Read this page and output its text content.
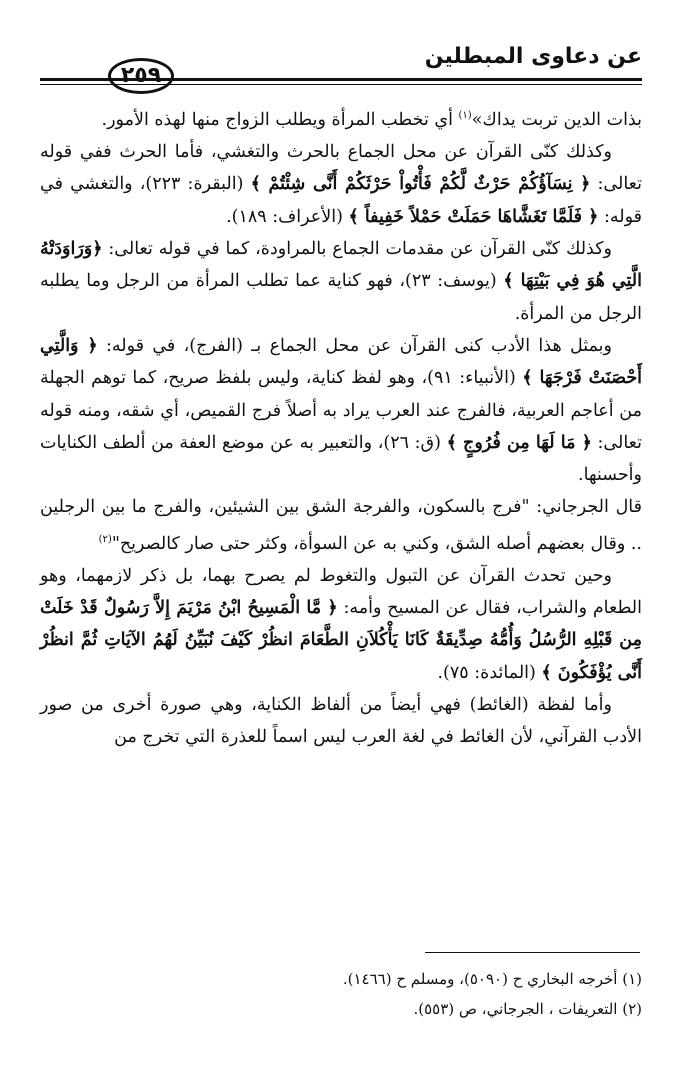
عن دعاوى المبطلين
٢٥٩

بذات الدين تربت يداك»$^{(١)}$ أي تخطب المرأة ويطلب الزواج منها لهذه الأمور.

وكذلك كنّى القرآن عن محل الجماع بالحرث والتغشي، فأما الحرث ففي قوله تعالى: ﴿ نِسَآؤُكُمْ حَرْثٌ لَّكُمْ فَأْتُواْ حَرْثَكُمْ أَنَّى شِئْتُمْ ﴾ (البقرة: ٢٢٣)، والتغشي في قوله: ﴿ فَلَمَّا تَغَشَّاهَا حَمَلَتْ حَمْلاً خَفِيفاً ﴾ (الأعراف: ١٨٩).

وكذلك كنّى القرآن عن مقدمات الجماع بالمراودة، كما في قوله تعالى: ﴿وَرَاوَدَتْهُ الَّتِي هُوَ فِي بَيْتِهَا ﴾ (يوسف: ٢٣)، فهو كناية عما تطلب المرأة من الرجل وما يطلبه الرجل من المرأة.

وبمثل هذا الأدب كنى القرآن عن محل الجماع بـ (الفرج)، في قوله: ﴿ وَالَّتِي أَحْصَنَتْ فَرْجَهَا ﴾ (الأنبياء: ٩١)، وهو لفظ كناية، وليس بلفظ صريح، كما توهم الجهلة من أعاجم العربية، فالفرج عند العرب يراد به أصلاً فرج القميص، أي شقه، ومنه قوله تعالى: ﴿ مَا لَهَا مِن فُرُوجٍ ﴾ (ق: ٢٦)، والتعبير به عن موضع العفة من ألطف الكنايات وأحسنها.

قال الجرجاني: "فرج بالسكون، والفرجة الشق بين الشيئين، والفرج ما بين الرجلين .. وقال بعضهم أصله الشق، وكني به عن السوأة، وكثر حتى صار كالصريح"$^{(٢)}$

وحين تحدث القرآن عن التبول والتغوط لم يصرح بهما، بل ذكر لازمهما، وهو الطعام والشراب، فقال عن المسيح وأمه: ﴿ مَّا الْمَسِيحُ ابْنُ مَرْيَمَ إِلاَّ رَسُولٌ قَدْ خَلَتْ مِن قَبْلِهِ الرُّسُلُ وَأُمُّهُ صِدِّيقَةٌ كَانَا يَأْكُلاَنِ الطَّعَامَ انظُرْ كَيْفَ نُبَيِّنُ لَهُمُ الآيَاتِ ثُمَّ انظُرْ أَنَّى يُؤْفَكُونَ ﴾ (المائدة: ٧٥).

وأما لفظة (الغائط) فهي أيضاً من ألفاظ الكناية، وهي صورة أخرى من صور الأدب القرآني، لأن الغائط في لغة العرب ليس اسماً للعذرة التي تخرج من

(١) أخرجه البخاري ح (٥٠٩٠)، ومسلم ح (١٤٦٦).

(٢) التعريفات ، الجرجاني، ص (٥٥٣).
